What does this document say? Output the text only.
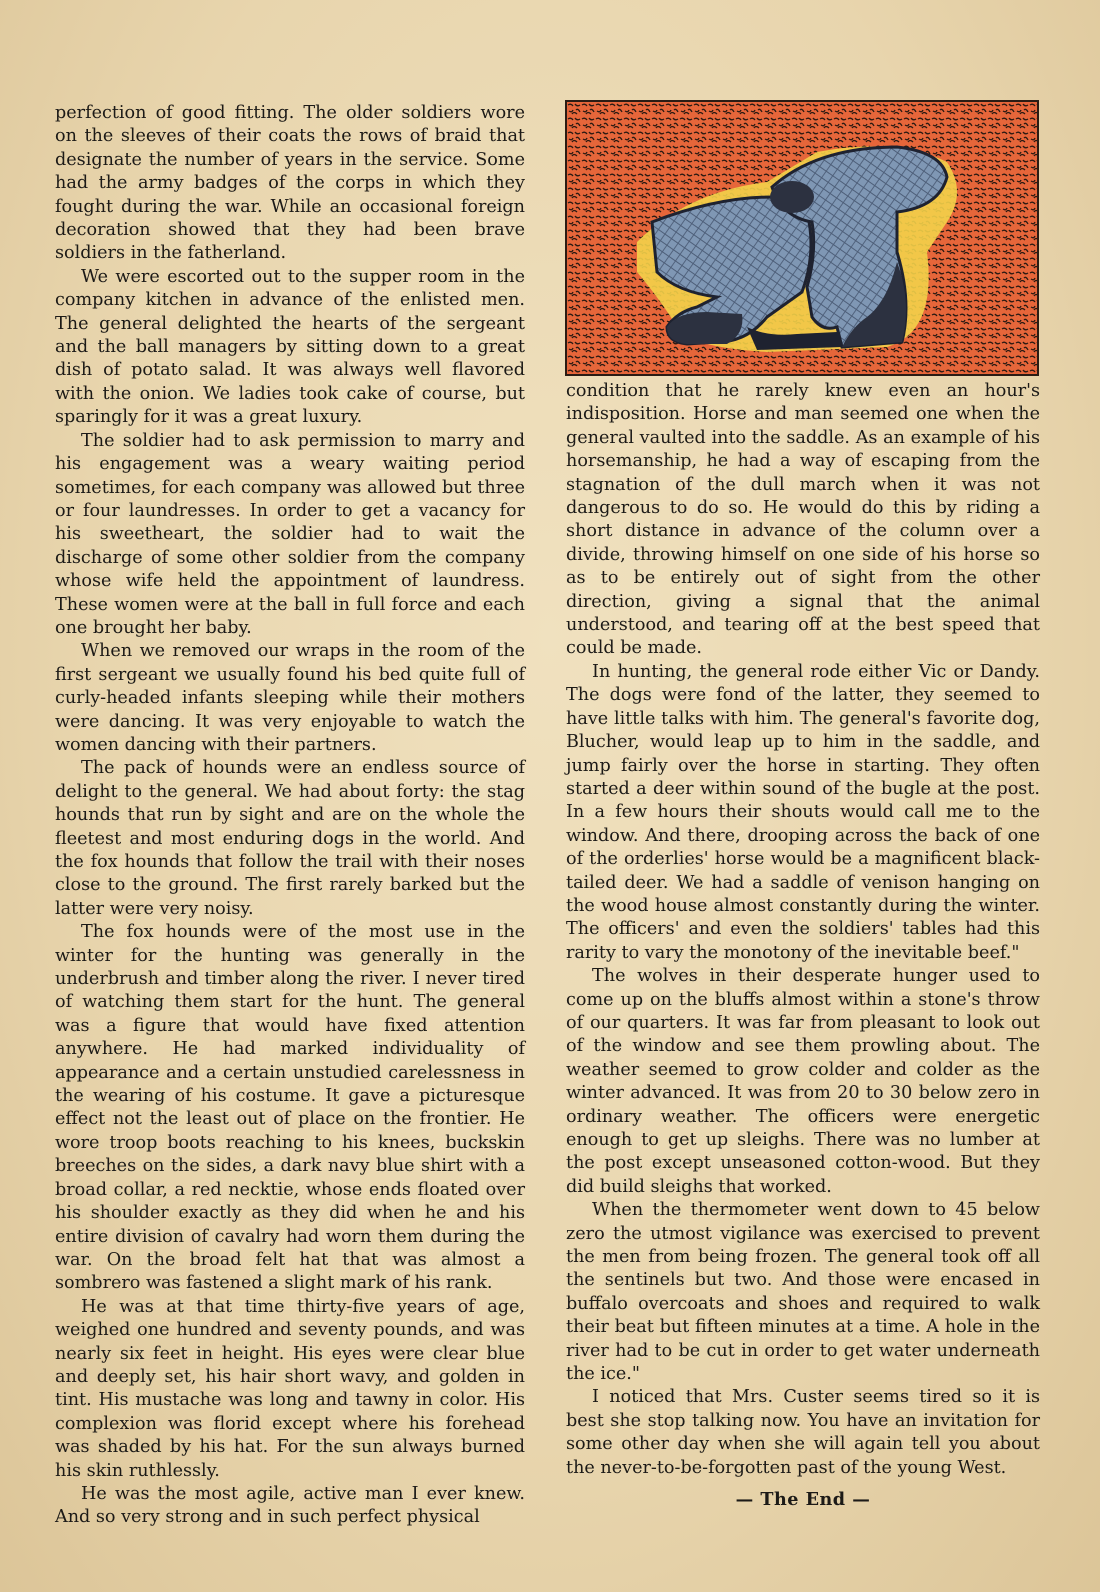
perfection of good fitting. The older soldiers wore on the sleeves of their coats the rows of braid that designate the number of years in the service. Some had the army badges of the corps in which they fought during the war. While an occasional foreign decoration showed that they had been brave soldiers in the fatherland.

We were escorted out to the supper room in the company kitchen in advance of the enlisted men. The general delighted the hearts of the sergeant and the ball managers by sitting down to a great dish of potato salad. It was always well flavored with the onion. We ladies took cake of course, but sparingly for it was a great luxury.

The soldier had to ask permission to marry and his engagement was a weary waiting period sometimes, for each company was allowed but three or four laundresses. In order to get a vacancy for his sweetheart, the soldier had to wait the discharge of some other soldier from the company whose wife held the appointment of laundress. These women were at the ball in full force and each one brought her baby.

When we removed our wraps in the room of the first sergeant we usually found his bed quite full of curly-headed infants sleeping while their mothers were dancing. It was very enjoyable to watch the women dancing with their partners.

The pack of hounds were an endless source of delight to the general. We had about forty: the stag hounds that run by sight and are on the whole the fleetest and most enduring dogs in the world. And the fox hounds that follow the trail with their noses close to the ground. The first rarely barked but the latter were very noisy.

The fox hounds were of the most use in the winter for the hunting was generally in the underbrush and timber along the river. I never tired of watching them start for the hunt. The general was a figure that would have fixed attention anywhere. He had marked individuality of appearance and a certain unstudied carelessness in the wearing of his costume. It gave a picturesque effect not the least out of place on the frontier. He wore troop boots reaching to his knees, buckskin breeches on the sides, a dark navy blue shirt with a broad collar, a red necktie, whose ends floated over his shoulder exactly as they did when he and his entire division of cavalry had worn them during the war. On the broad felt hat that was almost a sombrero was fastened a slight mark of his rank.

He was at that time thirty-five years of age, weighed one hundred and seventy pounds, and was nearly six feet in height. His eyes were clear blue and deeply set, his hair short wavy, and golden in tint. His mustache was long and tawny in color. His complexion was florid except where his forehead was shaded by his hat. For the sun always burned his skin ruthlessly.

He was the most agile, active man I ever knew. And so very strong and in such perfect physical

condition that he rarely knew even an hour's indisposition. Horse and man seemed one when the general vaulted into the saddle. As an example of his horsemanship, he had a way of escaping from the stagnation of the dull march when it was not dangerous to do so. He would do this by riding a short distance in advance of the column over a divide, throwing himself on one side of his horse so as to be entirely out of sight from the other direction, giving a signal that the animal understood, and tearing off at the best speed that could be made.

In hunting, the general rode either Vic or Dandy. The dogs were fond of the latter, they seemed to have little talks with him. The general's favorite dog, Blucher, would leap up to him in the saddle, and jump fairly over the horse in starting. They often started a deer within sound of the bugle at the post. In a few hours their shouts would call me to the window. And there, drooping across the back of one of the orderlies' horse would be a magnificent black-tailed deer. We had a saddle of venison hanging on the wood house almost constantly during the winter. The officers' and even the soldiers' tables had this rarity to vary the monotony of the inevitable beef."

The wolves in their desperate hunger used to come up on the bluffs almost within a stone's throw of our quarters. It was far from pleasant to look out of the window and see them prowling about. The weather seemed to grow colder and colder as the winter advanced. It was from 20 to 30 below zero in ordinary weather. The officers were energetic enough to get up sleighs. There was no lumber at the post except unseasoned cotton-wood. But they did build sleighs that worked.

When the thermometer went down to 45 below zero the utmost vigilance was exercised to prevent the men from being frozen. The general took off all the sentinels but two. And those were encased in buffalo overcoats and shoes and required to walk their beat but fifteen minutes at a time. A hole in the river had to be cut in order to get water underneath the ice."

I noticed that Mrs. Custer seems tired so it is best she stop talking now. You have an invitation for some other day when she will again tell you about the never-to-be-forgotten past of the young West.

— The End —
